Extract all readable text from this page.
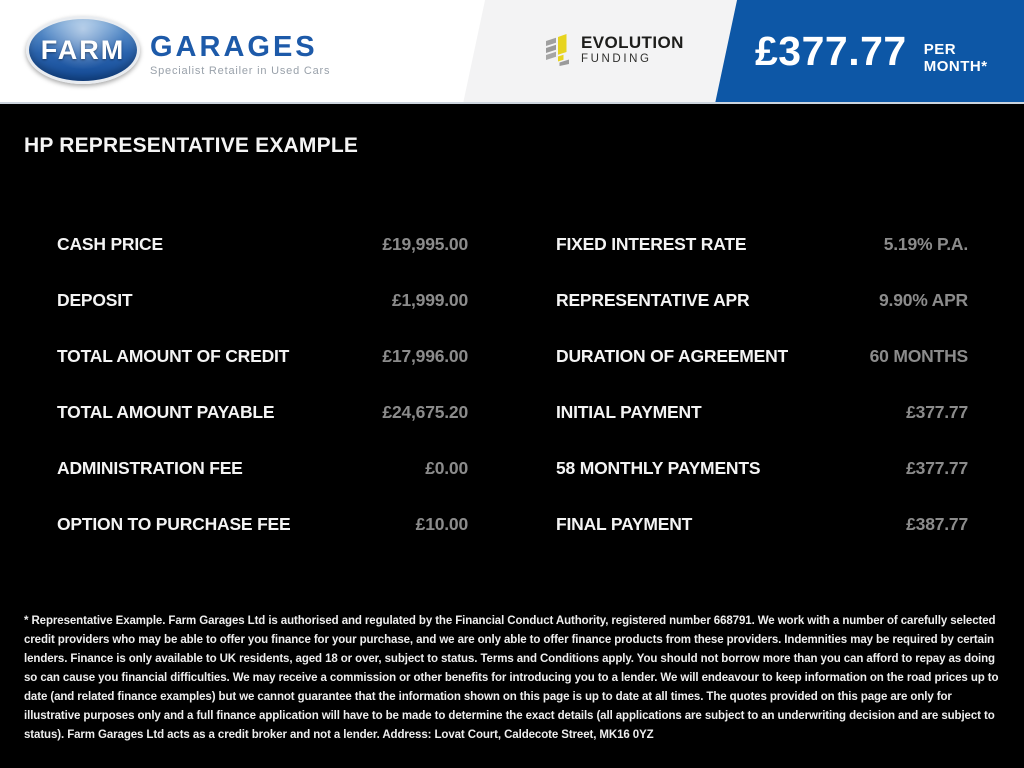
FARM GARAGES
Specialist Retailer in Used Cars
EVOLUTION
FUNDING	£377.77 PER MONTH*
HP REPRESENTATIVE EXAMPLE
CASH PRICE	£19,995.00
DEPOSIT	£1,999.00
TOTAL AMOUNT OF CREDIT	£17,996.00
TOTAL AMOUNT PAYABLE	£24,675.20
ADMINISTRATION FEE	£0.00
OPTION TO PURCHASE FEE	£10.00
FIXED INTEREST RATE	5.19% P.A.
REPRESENTATIVE APR	9.90% APR
DURATION OF AGREEMENT	60 MONTHS
INITIAL PAYMENT	£377.77
58 MONTHLY PAYMENTS	£377.77
FINAL PAYMENT	£387.77
* Representative Example. Farm Garages Ltd is authorised and regulated by the Financial Conduct Authority, registered number 668791. We work with a number of carefully selected credit providers who may be able to offer you finance for your purchase, and we are only able to offer finance products from these providers. Indemnities may be required by certain lenders. Finance is only available to UK residents, aged 18 or over, subject to status. Terms and Conditions apply. You should not borrow more than you can afford to repay as doing so can cause you financial difficulties. We may receive a commission or other benefits for introducing you to a lender. We will endeavour to keep information on the road prices up to date (and related finance examples) but we cannot guarantee that the information shown on this page is up to date at all times. The quotes provided on this page are only for illustrative purposes only and a full finance application will have to be made to determine the exact details (all applications are subject to an underwriting decision and are subject to status). Farm Garages Ltd acts as a credit broker and not a lender. Address: Lovat Court, Caldecote Street, MK16 0YZ
